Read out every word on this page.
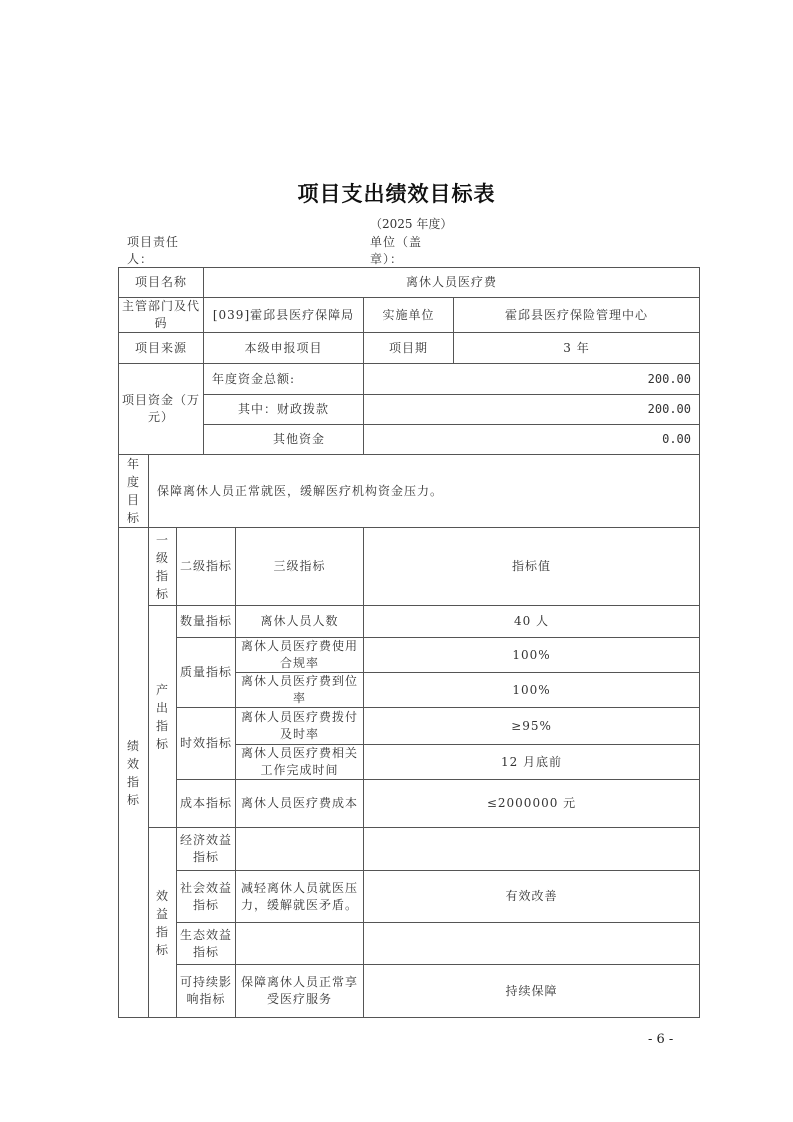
项目支出绩效目标表
（2025 年度）
项目责任人：
单位（盖章）：
项目名称			离休人员医疗费			
主管部门及代码			[039]霍邱县医疗保障局		实施单位	霍邱县医疗保险管理中心
项目来源			本级申报项目		项目期	3 年
项目资金（万元）			年度资金总额:		200.00	
			其中：财政拨款		200.00	
			其他资金		0.00	
年度目标	保障离休人员正常就医，缓解医疗机构资金压力。					
绩效指标	一级指标	二级指标		三级指标	指标值	
	产出指标	数量指标		离休人员人数	40 人	
		质量指标		离休人员医疗费使用合规率	100%	
				离休人员医疗费到位率	100%	
		时效指标		离休人员医疗费拨付及时率	≥95%	
				离休人员医疗费相关工作完成时间	12 月底前	
		成本指标		离休人员医疗费成本	≤2000000 元	
	效益指标	经济效益指标				
		社会效益指标		减轻离休人员就医压力，缓解就医矛盾。	有效改善	
		生态效益指标				
		可持续影响指标		保障离休人员正常享受医疗服务	持续保障	
- 6 -
